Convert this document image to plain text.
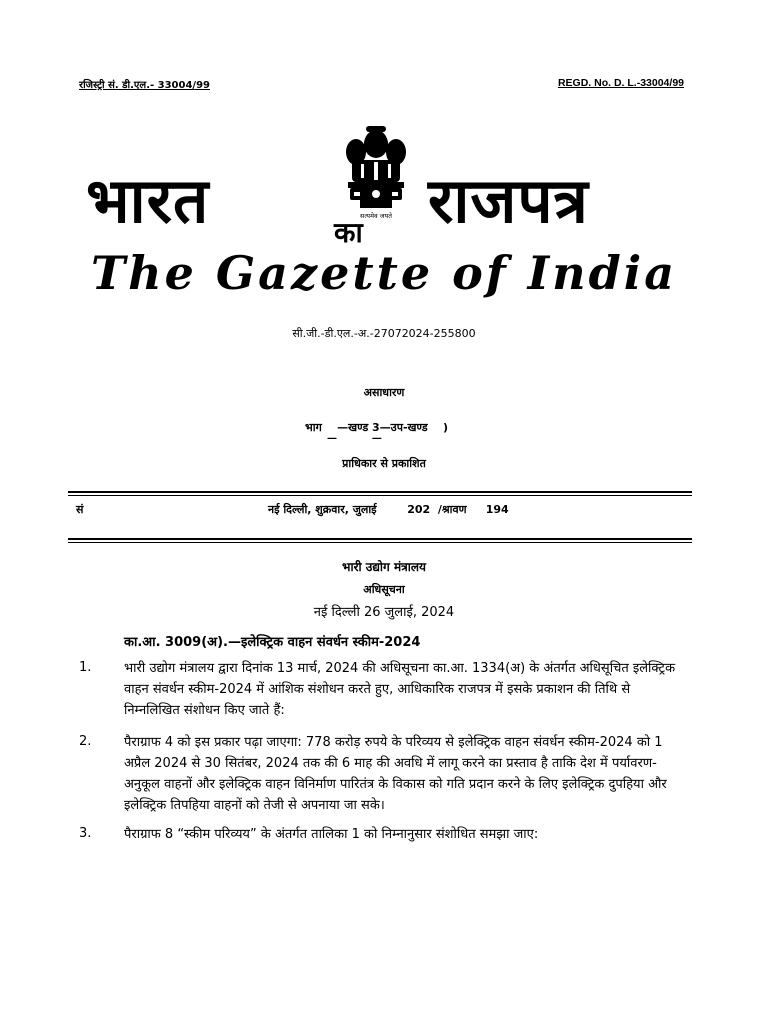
रजिस्ट्री सं. डी.एल.- 33004/99	REGD. No. D. L.-33004/99
सत्यमेव जयते
भारत	का राजपत्र
The Gazette of India
सी.जी.-डी.एल.-अ.-27072024-255800
असाधारण
भाग    —खण्ड 3—उप-खण्ड    )
—          —
प्राधिकार से प्रकाशित
सं	नई दिल्ली, शुक्रवार, जुलाई        202  /श्रावण     194
भारी उद्योग मंत्रालय
अधिसूचना
नई दिल्ली 26 जुलाई, 2024
का.आ. 3009(अ).—इलेक्ट्रिक वाहन संवर्धन स्कीम-2024
1.	भारी उद्योग मंत्रालय द्वारा दिनांक 13 मार्च, 2024 की अधिसूचना का.आ. 1334(अ) के अंतर्गत अधिसूचित इलेक्ट्रिक वाहन संवर्धन स्कीम-2024 में आंशिक संशोधन करते हुए, आधिकारिक राजपत्र में इसके प्रकाशन की तिथि से निम्नलिखित संशोधन किए जाते हैं:
2.	पैराग्राफ 4 को इस प्रकार पढ़ा जाएगा: 778 करोड़ रुपये के परिव्यय से इलेक्ट्रिक वाहन संवर्धन स्कीम-2024 को 1 अप्रैल 2024 से 30 सितंबर, 2024 तक की 6 माह की अवधि में लागू करने का प्रस्ताव है ताकि देश में पर्यावरण-अनुकूल वाहनों और इलेक्ट्रिक वाहन विनिर्माण पारितंत्र के विकास को गति प्रदान करने के लिए इलेक्ट्रिक दुपहिया और इलेक्ट्रिक तिपहिया वाहनों को तेजी से अपनाया जा सके।
3.	पैराग्राफ 8 “स्कीम परिव्यय” के अंतर्गत तालिका 1 को निम्नानुसार संशोधित समझा जाए:
